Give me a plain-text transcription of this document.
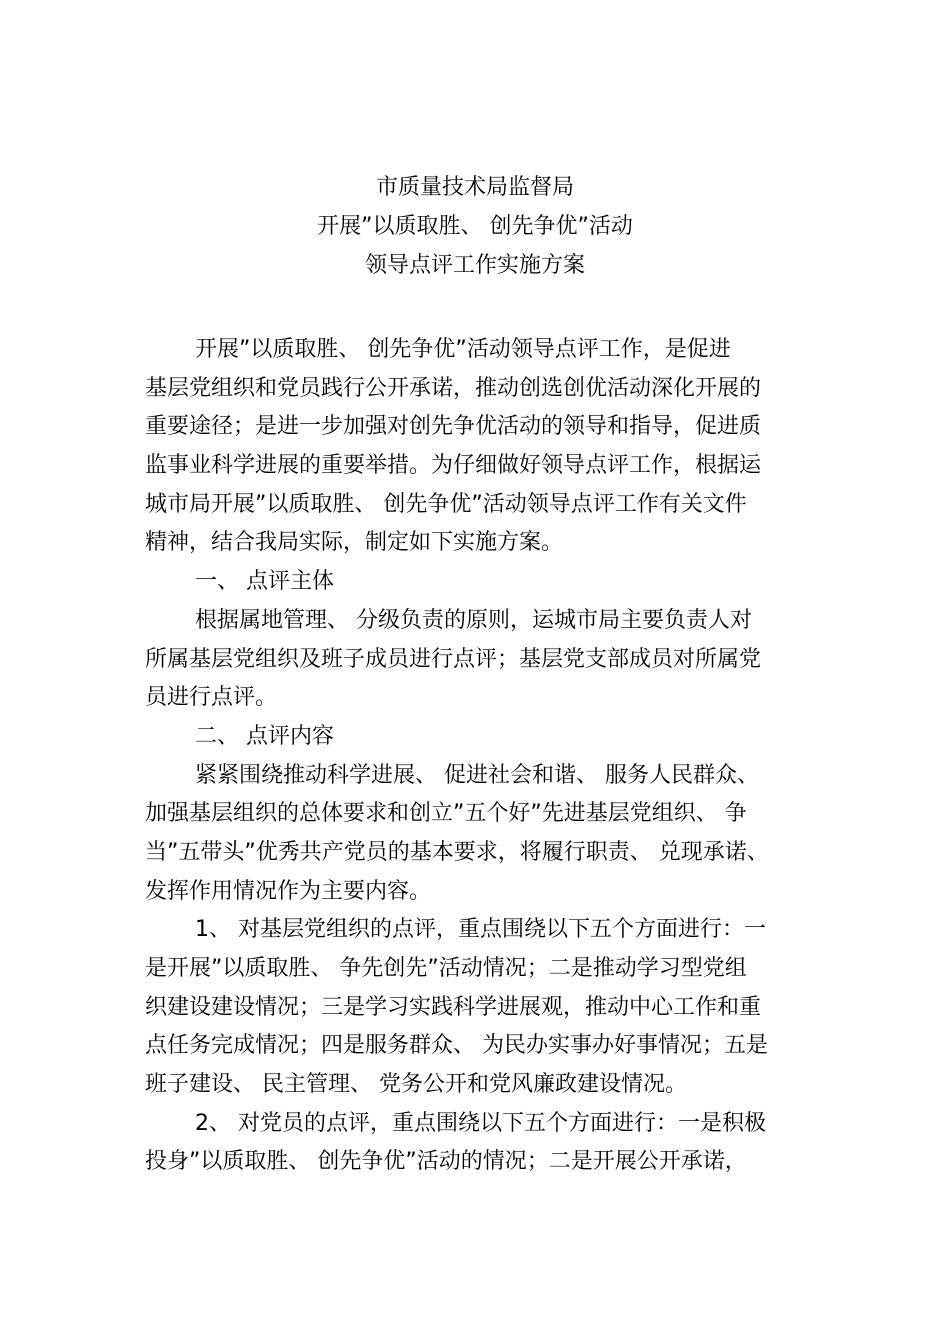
市质量技术局监督局
开展”以质取胜、 创先争优”活动
领导点评工作实施方案
开展”以质取胜、 创先争优”活动领导点评工作，是促进
基层党组织和党员践行公开承诺，推动创选创优活动深化开展的
重要途径；是进一步加强对创先争优活动的领导和指导，促进质
监事业科学进展的重要举措。为仔细做好领导点评工作，根据运
城市局开展”以质取胜、 创先争优”活动领导点评工作有关文件
精神，结合我局实际，制定如下实施方案。
一、 点评主体
根据属地管理、 分级负责的原则，运城市局主要负责人对
所属基层党组织及班子成员进行点评；基层党支部成员对所属党
员进行点评。
二、 点评内容
紧紧围绕推动科学进展、 促进社会和谐、 服务人民群众、
加强基层组织的总体要求和创立”五个好”先进基层党组织、 争
当”五带头”优秀共产党员的基本要求，将履行职责、 兑现承诺、
发挥作用情况作为主要内容。
1、 对基层党组织的点评，重点围绕以下五个方面进行：一
是开展”以质取胜、 争先创先”活动情况；二是推动学习型党组
织建设建设情况；三是学习实践科学进展观，推动中心工作和重
点任务完成情况；四是服务群众、 为民办实事办好事情况；五是
班子建设、 民主管理、 党务公开和党风廉政建设情况。
2、 对党员的点评，重点围绕以下五个方面进行：一是积极
投身”以质取胜、 创先争优”活动的情况；二是开展公开承诺，
